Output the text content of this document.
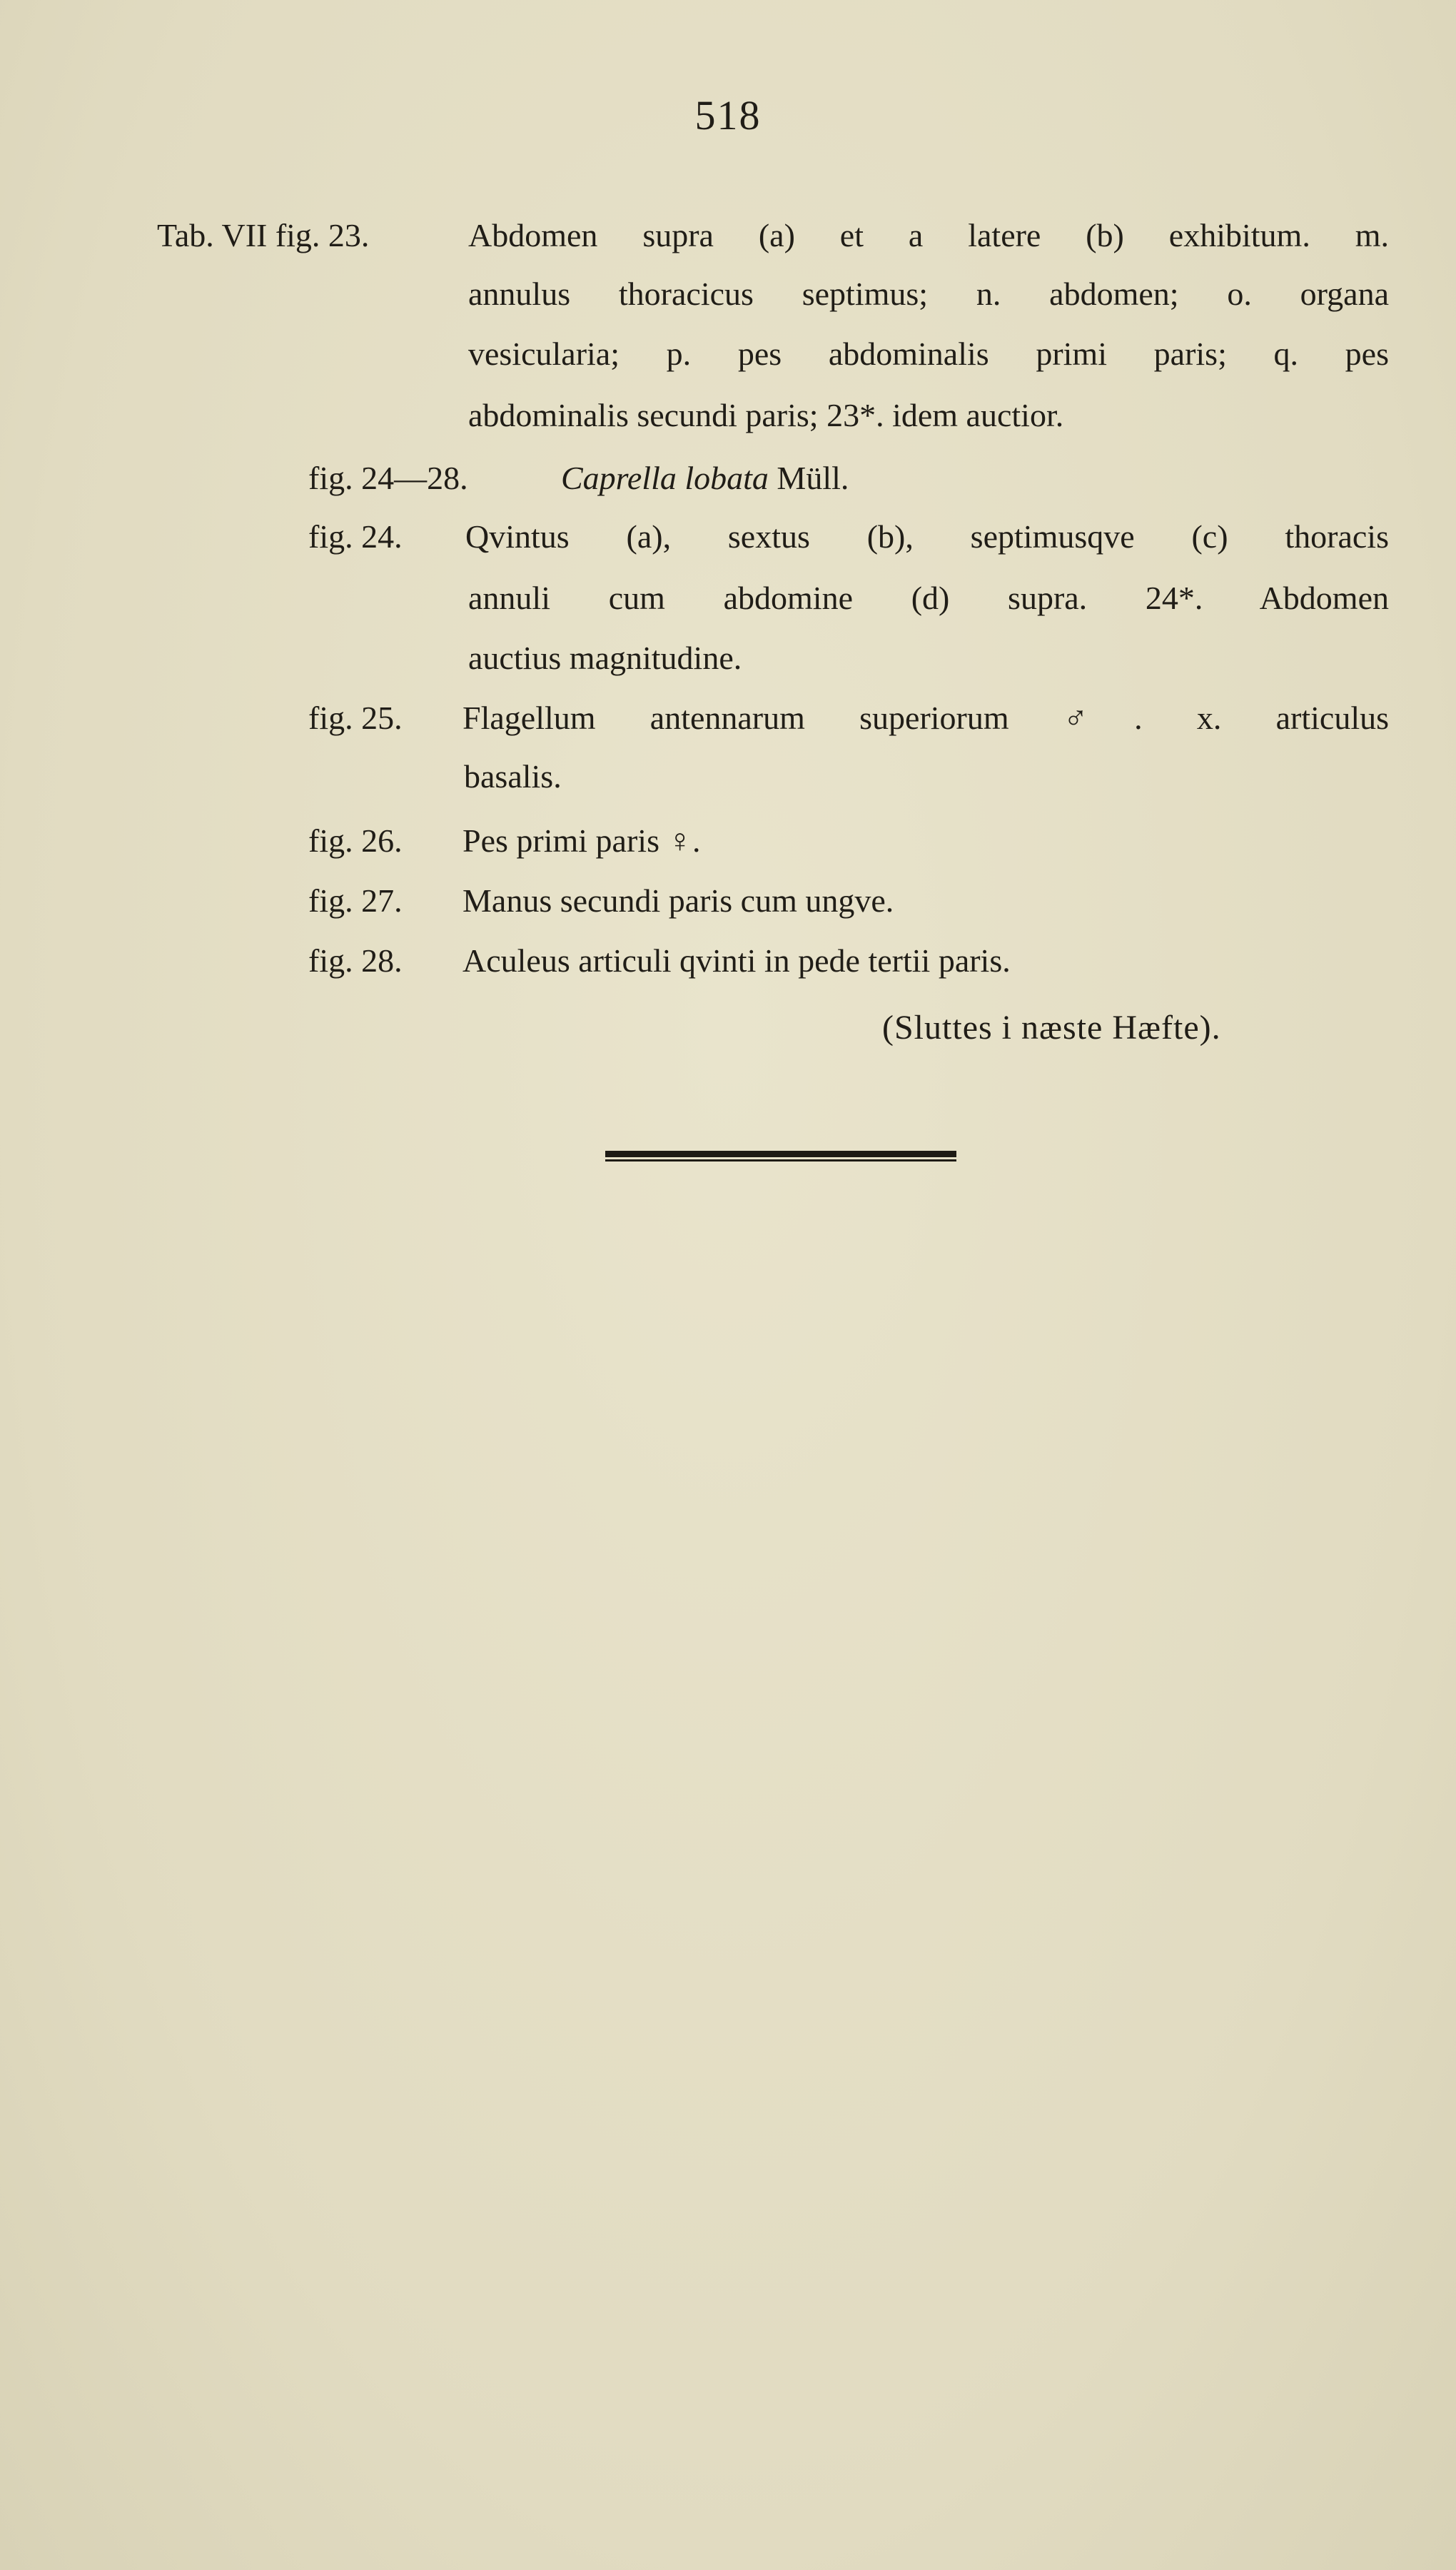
518
Tab. VII fig. 23.	Abdomen supra (a) et a latere (b) exhibitum. m.
annulus thoracicus septimus; n. abdomen; o. organa
vesicularia; p. pes abdominalis primi paris; q. pes
abdominalis secundi paris; 23*. idem auctior.
fig. 24—28.	Caprella lobata Müll.
fig. 24. Qvintus (a), sextus (b), septimusqve (c) thoracis
annuli cum abdomine (d) supra. 24*. Abdomen
auctius magnitudine.
fig. 25. Flagellum antennarum superiorum ♂. x. articulus
basalis.
fig. 26. Pes primi paris ♀.
fig. 27. Manus secundi paris cum ungve.
fig. 28. Aculeus articuli qvinti in pede tertii paris.
(Sluttes i næste Hæfte).
